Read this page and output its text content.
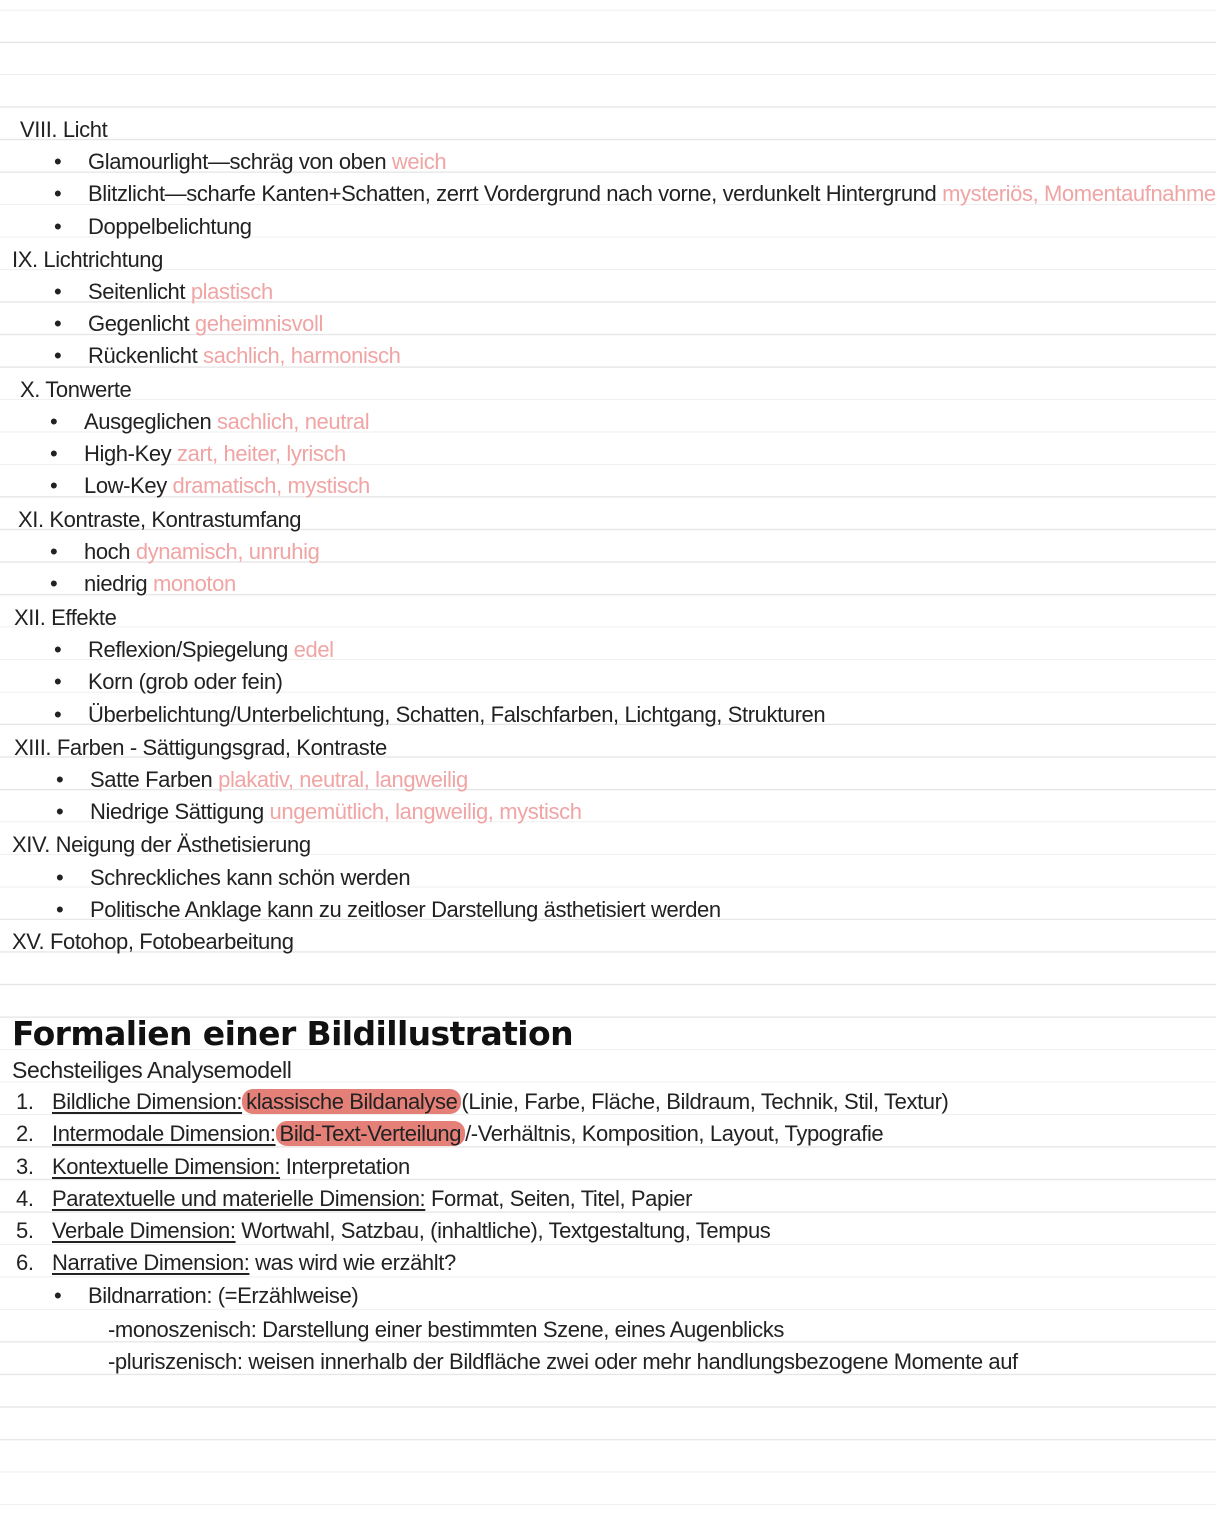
VIII. Licht
• Glamourlight—schräg von oben weich
• Blitzlicht—scharfe Kanten+Schatten, zerrt Vordergrund nach vorne, verdunkelt Hintergrund mysteriös, Momentaufnahme
• Doppelbelichtung
IX. Lichtrichtung
• Seitenlicht plastisch
• Gegenlicht geheimnisvoll
• Rückenlicht sachlich, harmonisch
X. Tonwerte
• Ausgeglichen sachlich, neutral
• High-Key zart, heiter, lyrisch
• Low-Key dramatisch, mystisch
XI. Kontraste, Kontrastumfang
• hoch dynamisch, unruhig
• niedrig monoton
XII. Effekte
• Reflexion/Spiegelung edel
• Korn (grob oder fein)
• Überbelichtung/Unterbelichtung, Schatten, Falschfarben, Lichtgang, Strukturen
XIII. Farben - Sättigungsgrad, Kontraste
• Satte Farben plakativ, neutral, langweilig
• Niedrige Sättigung ungemütlich, langweilig, mystisch
XIV. Neigung der Ästhetisierung
• Schreckliches kann schön werden
• Politische Anklage kann zu zeitloser Darstellung ästhetisiert werden
XV. Fotohop, Fotobearbeitung
Formalien einer Bildillustration
Sechsteiliges Analysemodell
1. Bildliche Dimension: klassische Bildanalyse (Linie, Farbe, Fläche, Bildraum, Technik, Stil, Textur)
2. Intermodale Dimension: Bild-Text-Verteilung /-Verhältnis, Komposition, Layout, Typografie
3. Kontextuelle Dimension: Interpretation
4. Paratextuelle und materielle Dimension: Format, Seiten, Titel, Papier
5. Verbale Dimension: Wortwahl, Satzbau, (inhaltliche), Textgestaltung, Tempus
6. Narrative Dimension: was wird wie erzählt?
• Bildnarration: (=Erzählweise)
-monoszenisch: Darstellung einer bestimmten Szene, eines Augenblicks
-pluriszenisch: weisen innerhalb der Bildfläche zwei oder mehr handlungsbezogene Momente auf
